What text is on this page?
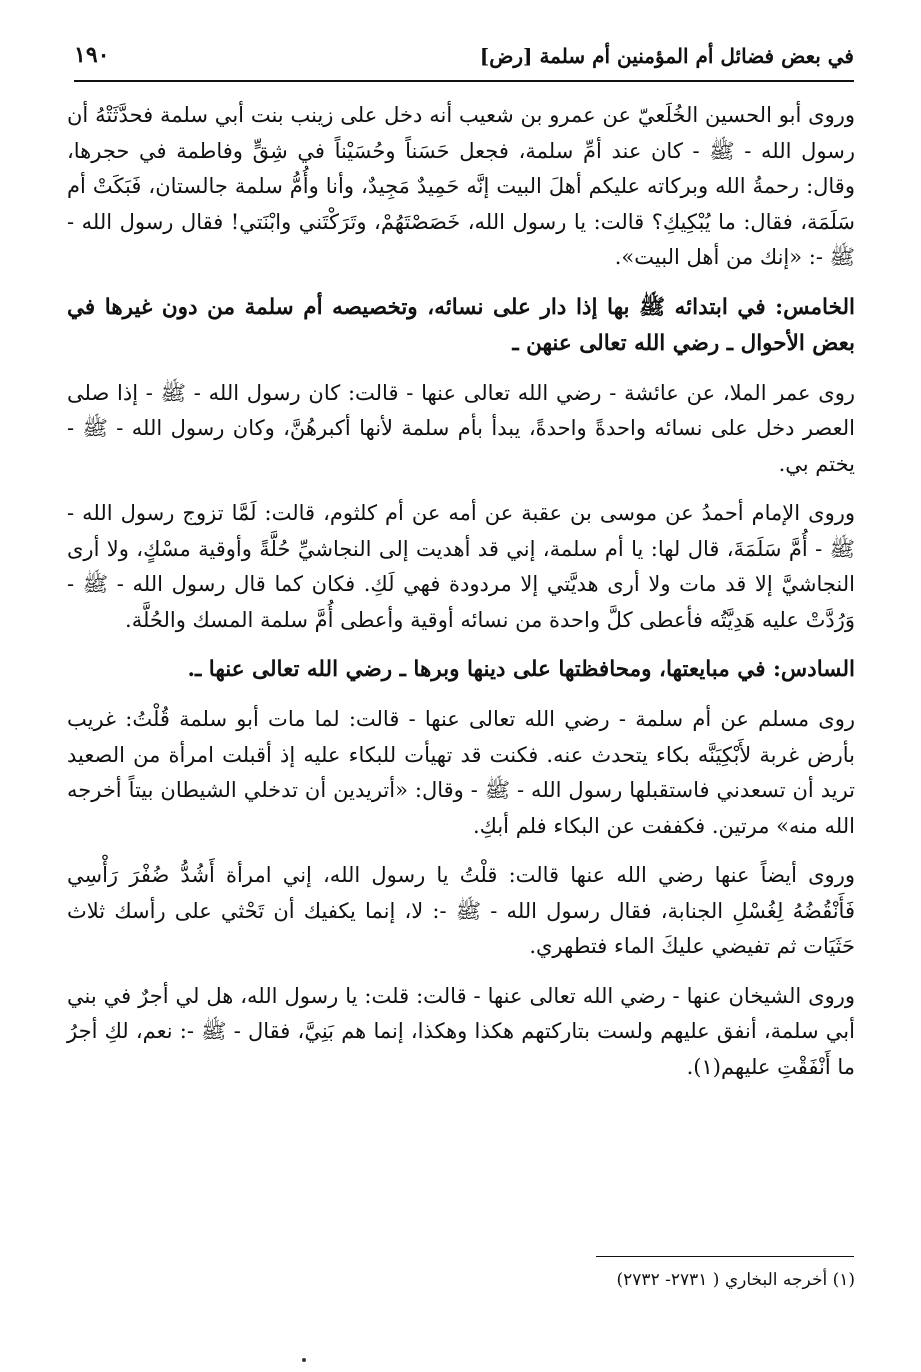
في بعض فضائل أم المؤمنين أم سلمة [رض]
١٩٠

وروى أبو الحسين الخُلَعيّ عن عمرو بن شعيب أنه دخل على زينب بنت أبي سلمة فحدَّثَتْهُ أن رسول الله - ﷺ - كان عند أمِّ سلمة، فجعل حَسَناً وحُسَيْناً في شِقٍّ وفاطمة في حجرها، وقال: رحمةُ الله وبركاته عليكم أهلَ البيت إنَّه حَمِيدٌ مَجِيدٌ، وأنا وأُمُّ سلمة جالستان، فَبَكَتْ أم سَلَمَة، فقال: ما يُبْكِيكِ؟ قالت: يا رسول الله، خَصَصْتَهُمْ، وتَرَكْتَني وابْنَتي! فقال رسول الله - ﷺ -: «إنك من أهل البيت».

الخامس: في ابتدائه ﷺ بها إذا دار على نسائه، وتخصيصه أم سلمة من دون غيرها في بعض الأحوال ـ رضي الله تعالى عنهن ـ

روى عمر الملا، عن عائشة - رضي الله تعالى عنها - قالت: كان رسول الله - ﷺ - إذا صلى العصر دخل على نسائه واحدةً واحدةً، يبدأ بأم سلمة لأنها أكبرهُنَّ، وكان رسول الله - ﷺ - يختم بي.

وروى الإمام أحمدُ عن موسى بن عقبة عن أمه عن أم كلثوم، قالت: لَمَّا تزوج رسول الله - ﷺ - أُمَّ سَلَمَةَ، قال لها: يا أم سلمة، إني قد أهديت إلى النجاشيِّ حُلَّةً وأوقية مسْكٍ، ولا أرى النجاشيَّ إلا قد مات ولا أرى هديَّتي إلا مردودة فهي لَكِ. فكان كما قال رسول الله - ﷺ - وَرُدَّتْ عليه هَدِيَّتُه فأعطى كلَّ واحدة من نسائه أوقية وأعطى أُمَّ سلمة المسك والحُلَّة.

السادس: في مبايعتها، ومحافظتها على دينها وبرها ـ رضي الله تعالى عنها ـ.

روى مسلم عن أم سلمة - رضي الله تعالى عنها - قالت: لما مات أبو سلمة قُلْتُ: غريب بأرض غربة لأَبْكِيَنَّه بكاء يتحدث عنه. فكنت قد تهيأت للبكاء عليه إذ أقبلت امرأة من الصعيد تريد أن تسعدني فاستقبلها رسول الله - ﷺ - وقال: «أتريدين أن تدخلي الشيطان بيتاً أخرجه الله منه» مرتين. فكففت عن البكاء فلم أبكِ.

وروى أيضاً عنها رضي الله عنها قالت: قلْتُ يا رسول الله، إني امرأة أَشُدُّ ضُفْرَ رَأْسِي فَأَنْقُضُهُ لِغُسْلِ الجنابة، فقال رسول الله - ﷺ -: لا، إنما يكفيك أن تَحْثي على رأسك ثلاث حَثَيَات ثم تفيضي عليكَ الماء فتطهري.

وروى الشيخان عنها - رضي الله تعالى عنها - قالت: قلت: يا رسول الله، هل لي أجرٌ في بني أبي سلمة، أنفق عليهم ولست بتاركتهم هكذا وهكذا، إنما هم بَنِيَّ، فقال - ﷺ -: نعم، لكِ أجرُ ما أَنْفَقْتِ عليهم(١).

(١) أخرجه البخاري ( ٢٧٣١- ٢٧٣٢)
